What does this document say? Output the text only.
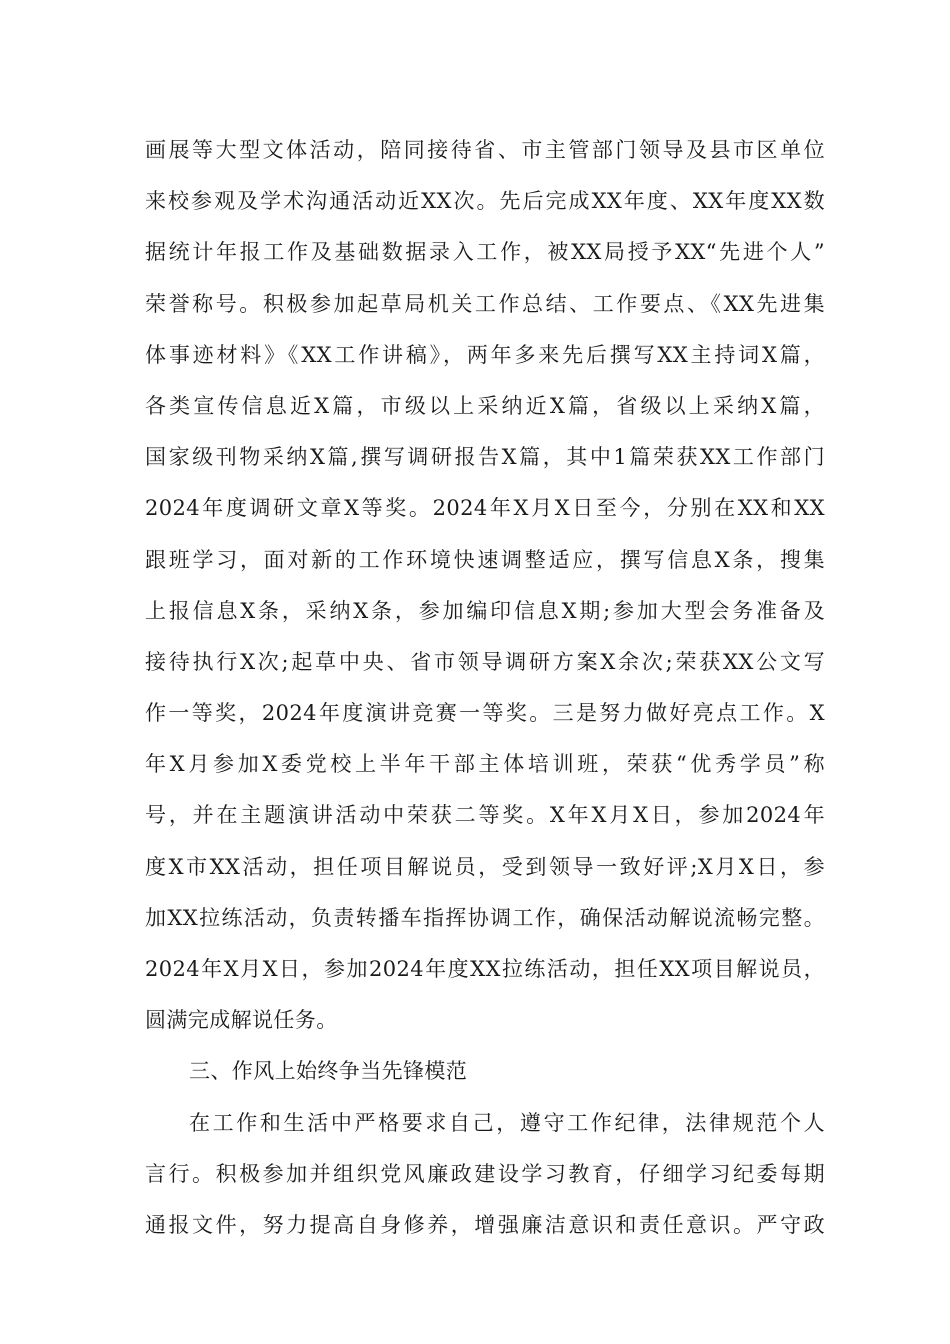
画展等大型文体活动，陪同接待省、市主管部门领导及县市区单位
来校参观及学术沟通活动近XX次。先后完成XX年度、XX年度XX数
据统计年报工作及基础数据录入工作，被XX局授予XX“先进个人”
荣誉称号。积极参加起草局机关工作总结、工作要点、《XX先进集
体事迹材料》《XX工作讲稿》，两年多来先后撰写XX主持词X篇，
各类宣传信息近X篇，市级以上采纳近X篇，省级以上采纳X篇，
国家级刊物采纳X篇,撰写调研报告X篇，其中1篇荣获XX工作部门
2024年度调研文章X等奖。2024年X月X日至今，分别在XX和XX
跟班学习，面对新的工作环境快速调整适应，撰写信息X条，搜集
上报信息X条，采纳X条，参加编印信息X期;参加大型会务准备及
接待执行X次;起草中央、省市领导调研方案X余次;荣获XX公文写
作一等奖，2024年度演讲竞赛一等奖。三是努力做好亮点工作。X
年X月参加X委党校上半年干部主体培训班，荣获“优秀学员”称
号，并在主题演讲活动中荣获二等奖。X年X月X日，参加2024年
度X市XX活动，担任项目解说员，受到领导一致好评;X月X日，参
加XX拉练活动，负责转播车指挥协调工作，确保活动解说流畅完整。
2024年X月X日，参加2024年度XX拉练活动，担任XX项目解说员，
圆满完成解说任务。
三、作风上始终争当先锋模范
在工作和生活中严格要求自己，遵守工作纪律，法律规范个人
言行。积极参加并组织党风廉政建设学习教育，仔细学习纪委每期
通报文件，努力提高自身修养，增强廉洁意识和责任意识。严守政
